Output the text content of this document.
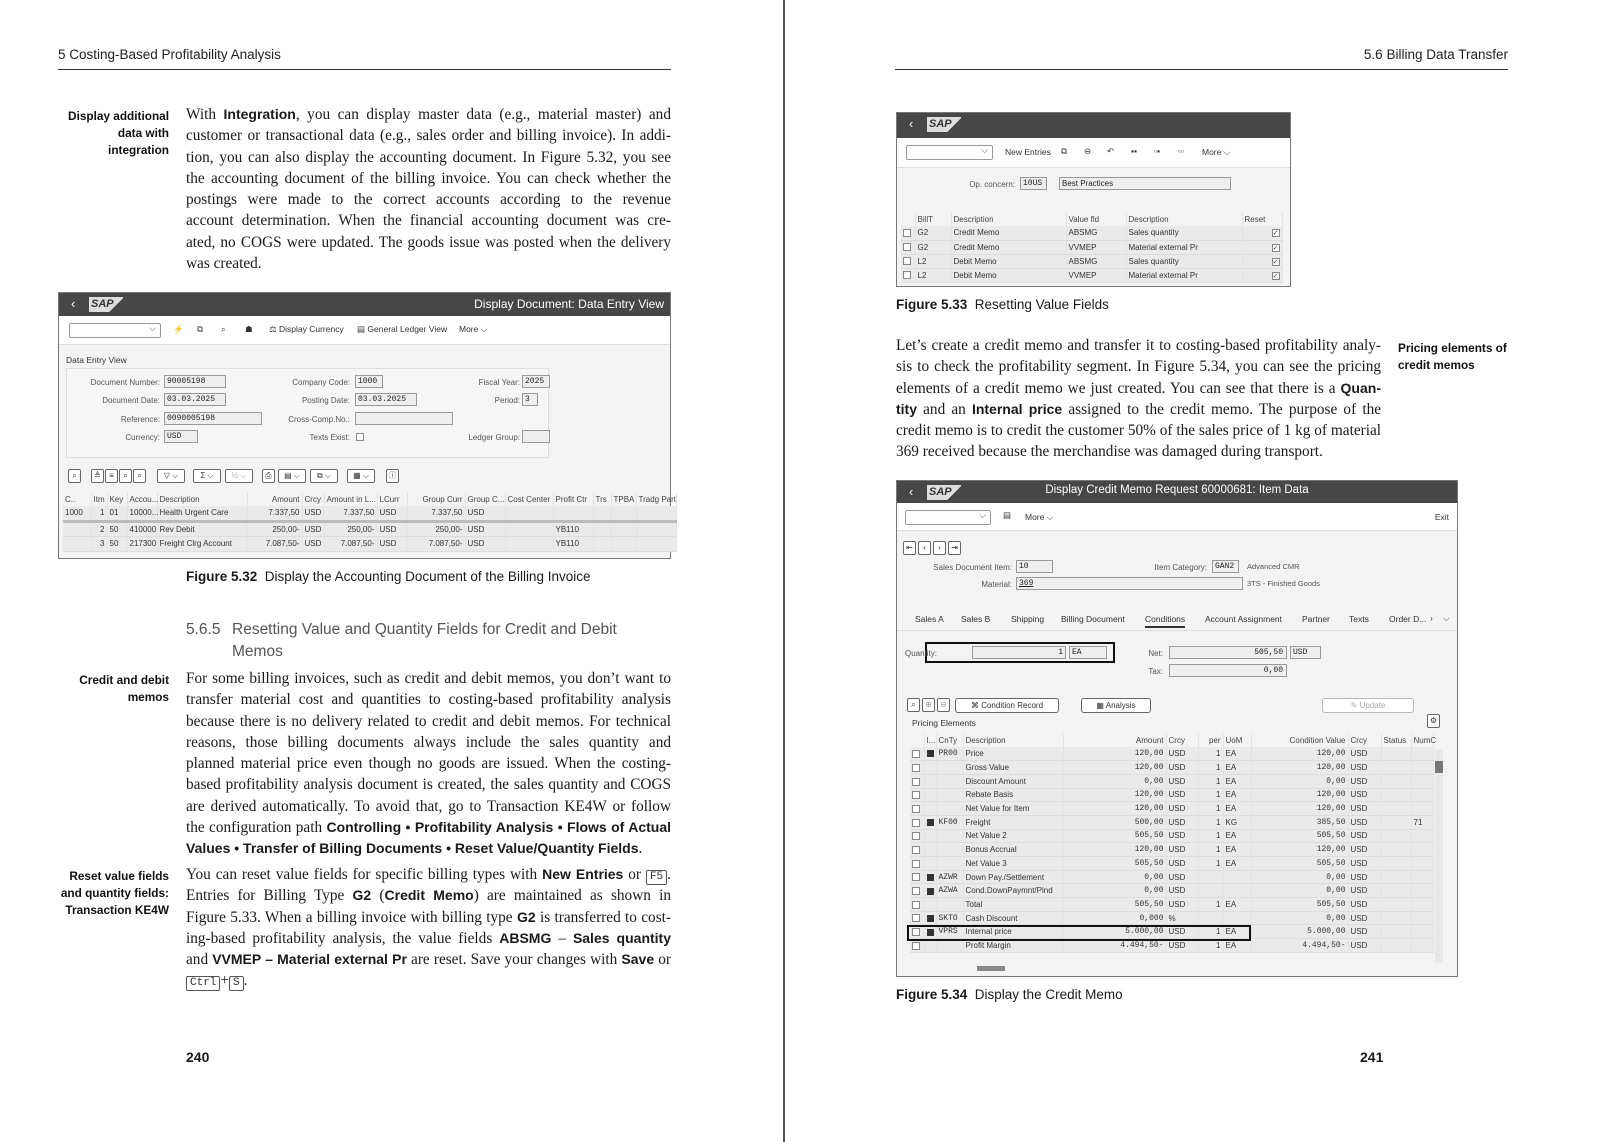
5 Costing-Based Profitability Analysis
Display additional
data with
integration
With Integration, you can display master data (e.g., material master) and
customer or transactional data (e.g., sales order and billing invoice). In addi-
tion, you can also display the accounting document. In Figure 5.32, you see
the accounting document of the billing invoice. You can check whether the
postings were made to the correct accounts according to the revenue
account determination. When the financial accounting document was cre-
ated, no COGS were updated. The goods issue was posted when the delivery
was created.
‹ SAP	Display Document: Data Entry View
⌵
⚡ ⧉ ⌕ ☗ ⚖ Display Currency ▤ General Ledger View More ⌵
Data Entry View
Document Number: 90005198
Document Date: 03.03.2025
Reference: 0090005198
Currency: USD
Company Code:	1000
Posting Date:	03.03.2025
Cross-Comp.No.:
Texts Exist:
Fiscal Year: 2025
Period: 3
Ledger Group:
⌕	≜	≡	⌕	⌕	▽ ⌵	Σ ⌵	½ ⌵	⎙	▤ ⌵	⧉ ⌵	▦ ⌵	ⓘ
C..	Itm	Key	Accou...	Description	Amount	Crcy	Amount in L...	LCurr	Group Curr	Group C...	Cost Center	Profit Ctr	Trs	TPBA	Tradg Part
1000	1	01	10000...	Health Urgent Care	7.337,50	USD	7.337,50	USD	7.337,50	USD					
	2	50	410000	Rev Debit	250,00-	USD	250,00-	USD	250,00-	USD		YB110			
	3	50	217300	Freight Clrg Account	7.087,50-	USD	7.087,50-	USD	7.087,50-	USD		YB110			
Figure 5.32 Display the Accounting Document of the Billing Invoice
5.6.5 Resetting Value and Quantity Fields for Credit and Debit
Memos
Credit and debit
memos
For some billing invoices, such as credit and debit memos, you don’t want to
transfer material cost and quantities to costing-based profitability analysis
because there is no delivery related to credit and debit memos. For technical
reasons, those billing documents always include the sales quantity and
planned material price even though no goods are issued. When the costing-
based profitability analysis document is created, the sales quantity and COGS
are derived automatically. To avoid that, go to Transaction KE4W or follow
the configuration path Controlling • Profitability Analysis • Flows of Actual
Values • Transfer of Billing Documents • Reset Value/Quantity Fields.
Reset value fields
and quantity fields:
Transaction KE4W
You can reset value fields for specific billing types with New Entries or F5 .
Entries for Billing Type G2 (Credit Memo) are maintained as shown in
Figure 5.33. When a billing invoice with billing type G2 is transferred to cost-
ing-based profitability analysis, the value fields ABSMG – Sales quantity
and VVMEP – Material external Pr are reset. Save your changes with Save or
Ctrl + S .
240
5.6 Billing Data Transfer
‹ SAP
⌵
New Entries ⧉ ⊖ ↶ ▪▪ ▫▪ ▫▫ More ⌵
Op. concern:	10US	Best Practices
	BillT	Description	Value fld	Description	Reset
	G2	Credit Memo	ABSMG	Sales quantity	✓
	G2	Credit Memo	VVMEP	Material external Pr	✓
	L2	Debit Memo	ABSMG	Sales quantity	✓
	L2	Debit Memo	VVMEP	Material external Pr	✓
Figure 5.33 Resetting Value Fields
Pricing elements of
credit memos
Let’s create a credit memo and transfer it to costing-based profitability analy-
sis to check the profitability segment. In Figure 5.34, you can see the pricing
elements of a credit memo we just created. You can see that there is a Quan-
tity and an Internal price assigned to the credit memo. The purpose of the
credit memo is to credit the customer 50% of the sales price of 1 kg of material
369 received because the merchandise was damaged during transport.
‹ SAP	Display Credit Memo Request 60000681: Item Data
⌵
▤ More ⌵	Exit
⇤	‹	›	⇥
Sales Document Item: 10	Item Category:	GAN2	Advanced CMR
Material: 369	3TS - Finished Goods
Sales A Sales B Shipping Billing Document Conditions Account Assignment Partner Texts Order D... › ⌵
Quantity:	1	EA	Net:	505,50	USD
Tax:	0,00
⌕	⊕	⊖	⌘ Condition Record	▦ Analysis	✎ Update
Pricing Elements	⚙
	I...	CnTy	Description	Amount	Crcy	per	UoM	Condition Value	Crcy	Status	NumC
		PR00	Price	120,00	USD	1	EA	120,00	USD		
			Gross Value	120,00	USD	1	EA	120,00	USD		
			Discount Amount	0,00	USD	1	EA	0,00	USD		
			Rebate Basis	120,00	USD	1	EA	120,00	USD		
			Net Value for Item	120,00	USD	1	EA	120,00	USD		
		KF00	Freight	500,00	USD	1	KG	385,50	USD		71
			Net Value 2	505,50	USD	1	EA	505,50	USD		
			Bonus Accrual	120,00	USD	1	EA	120,00	USD		
			Net Value 3	505,50	USD	1	EA	505,50	USD		
		AZWR	Down Pay./Settlement	0,00	USD			0,00	USD		
		AZWA	Cond.DownPaymnt/Plnd	0,00	USD			0,00	USD		
			Total	505,50	USD	1	EA	505,50	USD		
		SKTO	Cash Discount	0,000	%			0,00	USD		
		VPRS	Internal price	5.000,00	USD	1	EA	5.000,00	USD		
			Profit Margin	4.494,50-	USD	1	EA	4.494,50-	USD		
Figure 5.34 Display the Credit Memo
241
